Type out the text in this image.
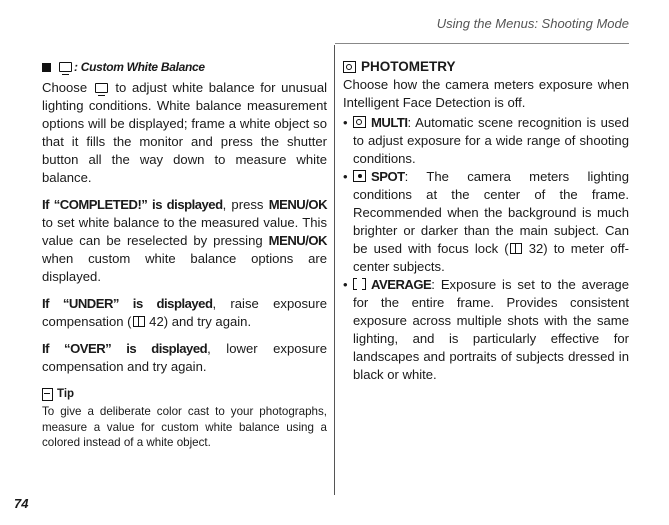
Using the Menus: Shooting Mode
: Custom White Balance

Choose to adjust white balance for unusual lighting conditions. White balance measurement options will be displayed; frame a white object so that it fills the monitor and press the shutter button all the way down to measure white balance.

If “COMPLETED!” is displayed, press MENU/OK to set white balance to the measured value. This value can be reselected by pressing MENU/OK when custom white balance options are displayed.

If “UNDER” is displayed, raise exposure compensation ( 42) and try again.

If “OVER” is displayed, lower exposure compensation and try again.

Tip
To give a deliberate color cast to your photographs, measure a value for custom white balance using a colored instead of a white object.
PHOTOMETRY

Choose how the camera meters exposure when Intelligent Face Detection is off.

•	MULTI: Automatic scene recognition is used to adjust exposure for a wide range of shooting conditions.
•	SPOT: The camera meters lighting conditions at the center of the frame. Recommended when the background is much brighter or darker than the main subject. Can be used with focus lock ( 32) to meter off-center subjects.
•	AVERAGE: Exposure is set to the average for the entire frame. Provides consistent exposure across multiple shots with the same lighting, and is particularly effective for landscapes and portraits of subjects dressed in black or white.
74
